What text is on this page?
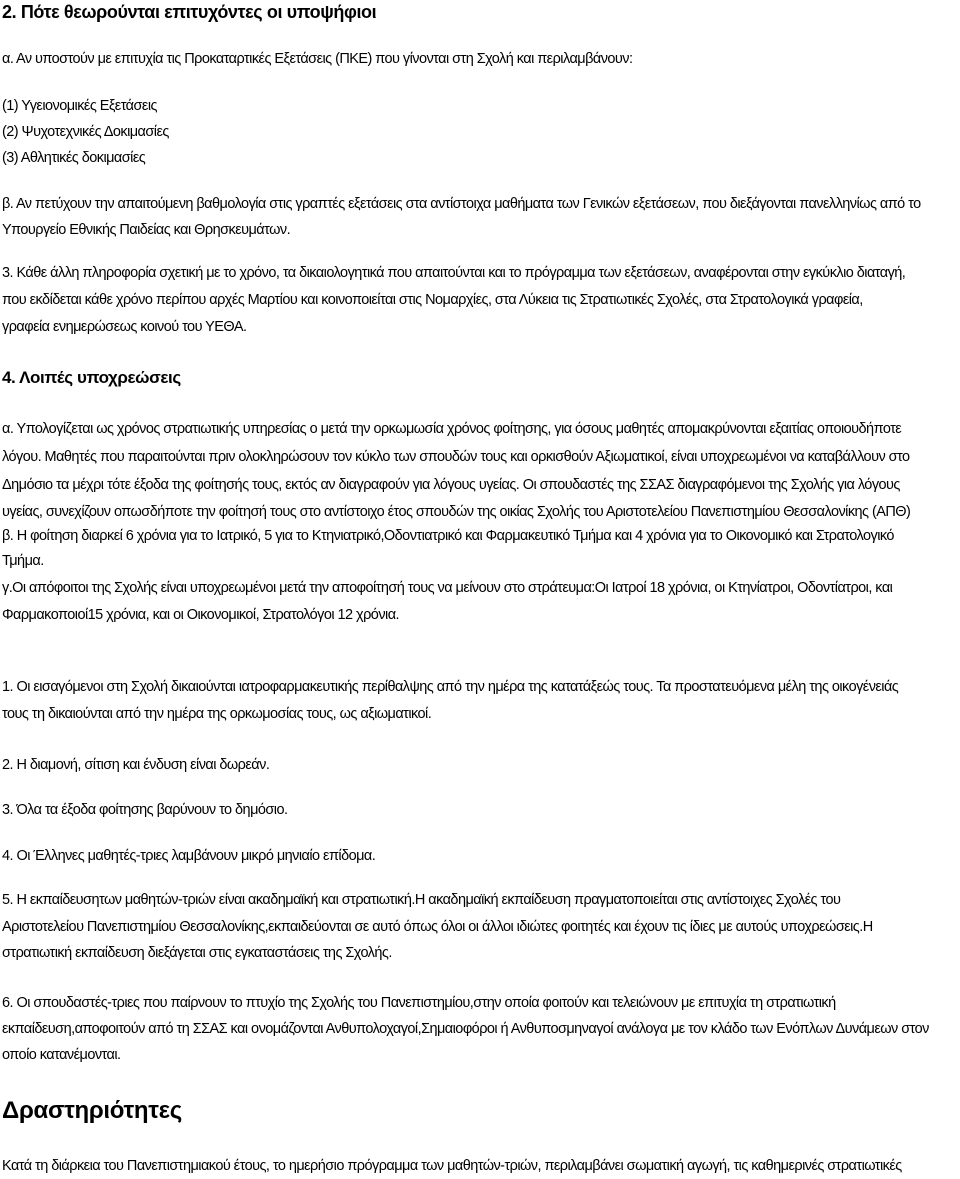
2. Πότε θεωρούνται επιτυχόντες οι υποψήφιοι
α. Αν υποστούν με επιτυχία τις Προκαταρτικές Εξετάσεις (ΠΚΕ) που γίνονται στη Σχολή και περιλαμβάνουν:
(1) Υγειονομικές Εξετάσεις
(2) Ψυχοτεχνικές Δοκιμασίες
(3) Αθλητικές δοκιμασίες
β. Αν πετύχουν την απαιτούμενη βαθμολογία στις γραπτές εξετάσεις στα αντίστοιχα μαθήματα των Γενικών εξετάσεων, που διεξάγονται πανελληνίως από το
Υπουργείο Εθνικής Παιδείας και Θρησκευμάτων.
3. Κάθε άλλη πληροφορία σχετική με το χρόνο, τα δικαιολογητικά που απαιτούνται και το πρόγραμμα των εξετάσεων, αναφέρονται στην εγκύκλιο διαταγή,
που εκδίδεται κάθε χρόνο περίπου αρχές Μαρτίου και κοινοποιείται στις Νομαρχίες, στα Λύκεια τις Στρατιωτικές Σχολές, στα Στρατολογικά γραφεία,
γραφεία ενημερώσεως κοινού του ΥΕΘΑ.
4. Λοιπές υποχρεώσεις
α. Υπολογίζεται ως χρόνος στρατιωτικής υπηρεσίας ο μετά την ορκωμωσία χρόνος φοίτησης, για όσους μαθητές απομακρύνονται εξαιτίας οποιουδήποτε
λόγου. Μαθητές που παραιτούνται πριν ολοκληρώσουν τον κύκλο των σπουδών τους και ορκισθούν Αξιωματικοί, είναι υποχρεωμένοι να καταβάλλουν στο
Δημόσιο τα μέχρι τότε έξοδα της φοίτησής τους, εκτός αν διαγραφούν για λόγους υγείας. Οι σπουδαστές της ΣΣΑΣ διαγραφόμενοι της Σχολής για λόγους
υγείας, συνεχίζουν οπωσδήποτε την φοίτησή τους στο αντίστοιχο έτος σπουδών της οικίας Σχολής του Αριστοτελείου Πανεπιστημίου Θεσσαλονίκης (ΑΠΘ)
β. Η φοίτηση διαρκεί 6 χρόνια για το Ιατρικό, 5 για το Κτηνιατρικό,Οδοντιατρικό και Φαρμακευτικό Τμήμα και 4 χρόνια για το Οικονομικό και Στρατολογικό
Τμήμα.
γ.Οι απόφοιτοι της Σχολής είναι υποχρεωμένοι μετά την αποφοίτησή τους να μείνουν στο στράτευμα:Οι Ιατροί 18 χρόνια, οι Κτηνίατροι, Οδοντίατροι, και
Φαρμακοποιοί15 χρόνια, και οι Οικονομικοί, Στρατολόγοι 12 χρόνια.
1. Οι εισαγόμενοι στη Σχολή δικαιούνται ιατροφαρμακευτικής περίθαλψης από την ημέρα της κατατάξεώς τους. Τα προστατευόμενα μέλη της οικογένειάς
τους τη δικαιούνται από την ημέρα της ορκωμοσίας τους, ως αξιωματικοί.
2. Η διαμονή, σίτιση και ένδυση είναι δωρεάν.
3. Όλα τα έξοδα φοίτησης βαρύνουν το δημόσιο.
4. Οι Έλληνες μαθητές-τριες λαμβάνουν μικρό μηνιαίο επίδομα.
5. Η εκπαίδευσητων μαθητών-τριών είναι ακαδημαϊκή και στρατιωτική.Η ακαδημαϊκή εκπαίδευση πραγματοποιείται στις αντίστοιχες Σχολές του
Αριστοτελείου Πανεπιστημίου Θεσσαλονίκης,εκπαιδεύονται σε αυτό όπως όλοι οι άλλοι ιδιώτες φοιτητές και έχουν τις ίδιες με αυτούς υποχρεώσεις.Η
στρατιωτική εκπαίδευση διεξάγεται στις εγκαταστάσεις της Σχολής.
6. Οι σπουδαστές-τριες που παίρνουν το πτυχίο της Σχολής του Πανεπιστημίου,στην οποία φοιτούν και τελειώνουν με επιτυχία τη στρατιωτική
εκπαίδευση,αποφοιτούν από τη ΣΣΑΣ και ονομάζονται Ανθυπολοχαγοί,Σημαιοφόροι ή Ανθυποσμηναγοί ανάλογα με τον κλάδο των Ενόπλων Δυνάμεων στον
οποίο κατανέμονται.
Δραστηριότητες
Κατά τη διάρκεια του Πανεπιστημιακού έτους, το ημερήσιο πρόγραμμα των μαθητών-τριών, περιλαμβάνει σωματική αγωγή, τις καθημερινές στρατιωτικές
